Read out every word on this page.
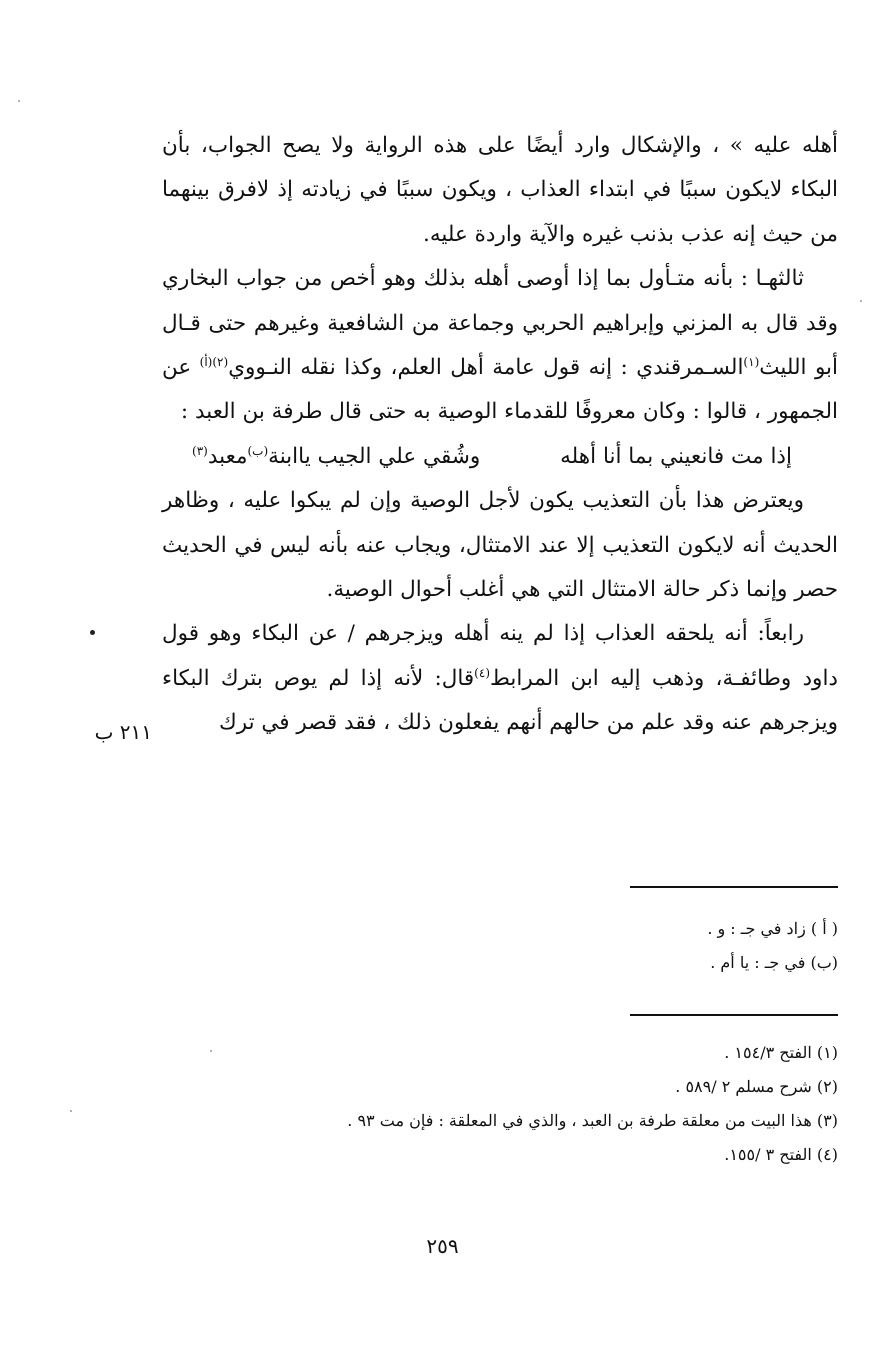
أهله عليه » ، والإشكال وارد أيضًا على هذه الرواية ولا يصح الجواب، بأن البكاء لايكون سببًا في ابتداء العذاب ، ويكون سببًا في زيادته إذ لافرق بينهما من حيث إنه عذب بذنب غيره والآية واردة عليه.

ثالثهـا : بأنه متـأول بما إذا أوصى أهله بذلك وهو أخص من جواب البخاري وقد قال به المزني وإبراهيم الحربي وجماعة من الشافعية وغيرهم حتى قـال أبو الليث$^{(١)}$السـمرقندي : إنه قول عامة أهل العلم، وكذا نقله النـووي$^{(٢)(أ)}$ عن الجمهور ، قالوا : وكان معروفًا للقدماء الوصية به حتى قال طرفة بن العبد :

إذا مت فانعيني بما أنا أهله
وشُقي علي الجيب ياابنة$^{(ب)}$معبد$^{(٣)}$

ويعترض هذا بأن التعذيب يكون لأجل الوصية وإن لم يبكوا عليه ، وظاهر الحديث أنه لايكون التعذيب إلا عند الامتثال، ويجاب عنه بأنه ليس في الحديث حصر وإنما ذكر حالة الامتثال التي هي أغلب أحوال الوصية.

رابعاً: أنه يلحقه العذاب إذا لم ينه أهله ويزجرهم / عن البكاء وهو قول داود وطائفـة، وذهب إليه ابن المرابط$^{(٤)}$قال: لأنه إذا لم يوص بترك البكاء ويزجرهم عنه وقد علم من حالهم أنهم يفعلون ذلك ، فقد قصر في ترك

٢١١ ب

( أ ) زاد في جـ : و .

(ب) في جـ : يا أم .

(١) الفتح ١٥٤/٣ .

(٢) شرح مسلم ٢ /٥٨٩ .

(٣) هذا البيت من معلقة طرفة بن العبد ، والذي في المعلقة : فإن مت ٩٣ .

(٤) الفتح ٣ /١٥٥.

٢٥٩
